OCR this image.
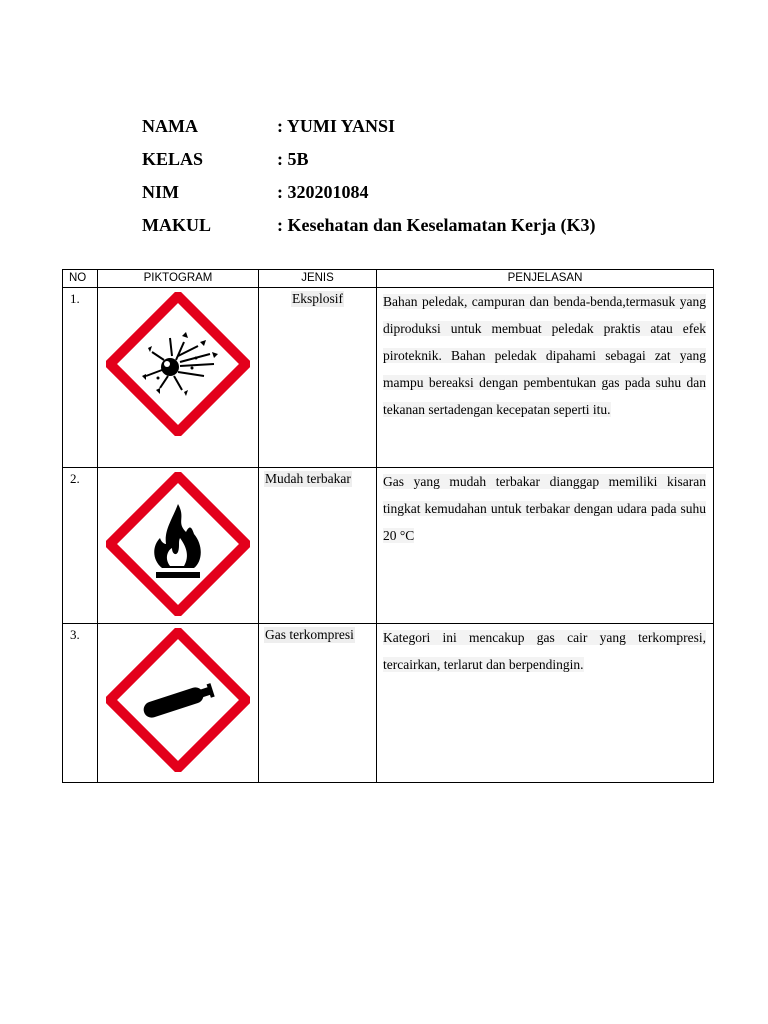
NAMA	: YUMI YANSI
KELAS	: 5B
NIM	: 320201084
MAKUL	: Kesehatan dan Keselamatan Kerja (K3)
NO	PIKTOGRAM	JENIS	PENJELASAN
1.		Eksplosif	Bahan peledak, campuran dan benda-benda,termasuk yang diproduksi untuk membuat peledak praktis atau efek piroteknik. Bahan peledak dipahami sebagai zat yang mampu bereaksi dengan pembentukan gas pada suhu dan tekanan sertadengan kecepatan seperti itu.
2.		Mudah terbakar	Gas yang mudah terbakar dianggap memiliki kisaran tingkat kemudahan untuk terbakar dengan udara pada suhu 20 °C
3.		Gas terkompresi	Kategori ini mencakup gas cair yang terkompresi, tercairkan, terlarut dan berpendingin.
